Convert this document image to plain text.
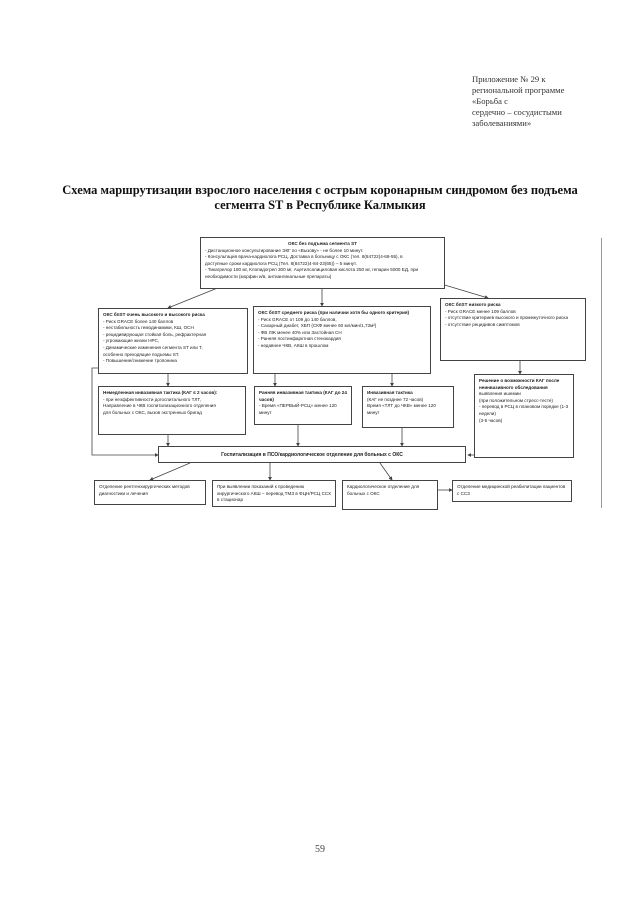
Приложение № 29 к
региональной программе
«Борьба с
сердечно – сосудистыми
заболеваниями»
Схема маршрутизации взрослого населения с острым коронарным синдромом без подъема сегмента ST в Республике Калмыкия
ОКС без подъема сегмента ST
- Дистанционное консультирование ЭКГ по «Вызову» - не более 10 минут.
- Консультация врача-кардиолога РСЦ. Доставка в больницу с ОКС (тел. 8(84722)4-68-55), в
доступные сроки кардиолога РСЦ (Тел. 8(84722)4-84-23(65)) – 5 минут.
- Тикагрелор 180 мг, Клопидогрел 300 мг, Ацетилсалициловая кислота 250 мг, гепарин 5000 ЕД, при
необходимости (морфин и/в, антиангинальные препараты)
ОКС бпST очень высокого и высокого риска
- Риск GRACE более 140 баллов
- нестабильность гемодинамики, КШ, ОСН
- рецидивирующая стойкая боль, рефрактерная
- угрожающие жизни НРС,
- Динамические изменения сегмента ST или Т,
особенно преходящие подъемы ST.
- Повышение/снижение тропонина
ОКС бпST среднего риска (при наличии хотя бы одного критерия)
- Риск GRACE от 109 до 140 баллов,
- Сахарный диабет, ХБП (СКФ менее 60 мл/мин/1,73м²)
- ФВ ЛЖ менее 40% или Застойная СН
- Ранняя постинфарктная стенокардия
- недавнее ЧКВ, АКШ в прошлом
ОКС бпST низкого риска
- Риск GRACE менее 109 баллов
- отсутствие критериев высокого и промежуточного риска
- отсутствие рецидивов симптомов
Немедленная инвазивная тактика (КАГ ≤ 2 часов):
- при неэффективности догоспитального ТЛТ,
Направление в ЧКВ госпитализационного отделения
для больных с ОКС, вызов экстренных бригад
Ранняя инвазивная тактика (КАГ до 24 часов)
- Время «ПЕРВЫЙ-РСЦ» менее 120 минут
Инвазивная тактика
(КАГ не позднее 72 часов)
Время «ТЛТ до ЧКВ» менее 120 минут
Решение о возможности КАГ после неинвазивного обследования
выявления ишемии
(при положительном стресс-тесте)
- перевод в РСЦ в плановом порядке (1-3 недели)
(3-5 часов)
Госпитализация в ПСО/кардиологическое отделение для больных с ОКС
Отделение рентгенхирургических методов диагностики и лечения
При выявлении показаний к проведению хирургического АКШ – перевод ТМЗ в ФЦН/РСЦ ССХ в стационар
Кардиологическое отделение для больных с ОКС
Отделение медицинской реабилитации пациентов с ССЗ
59
